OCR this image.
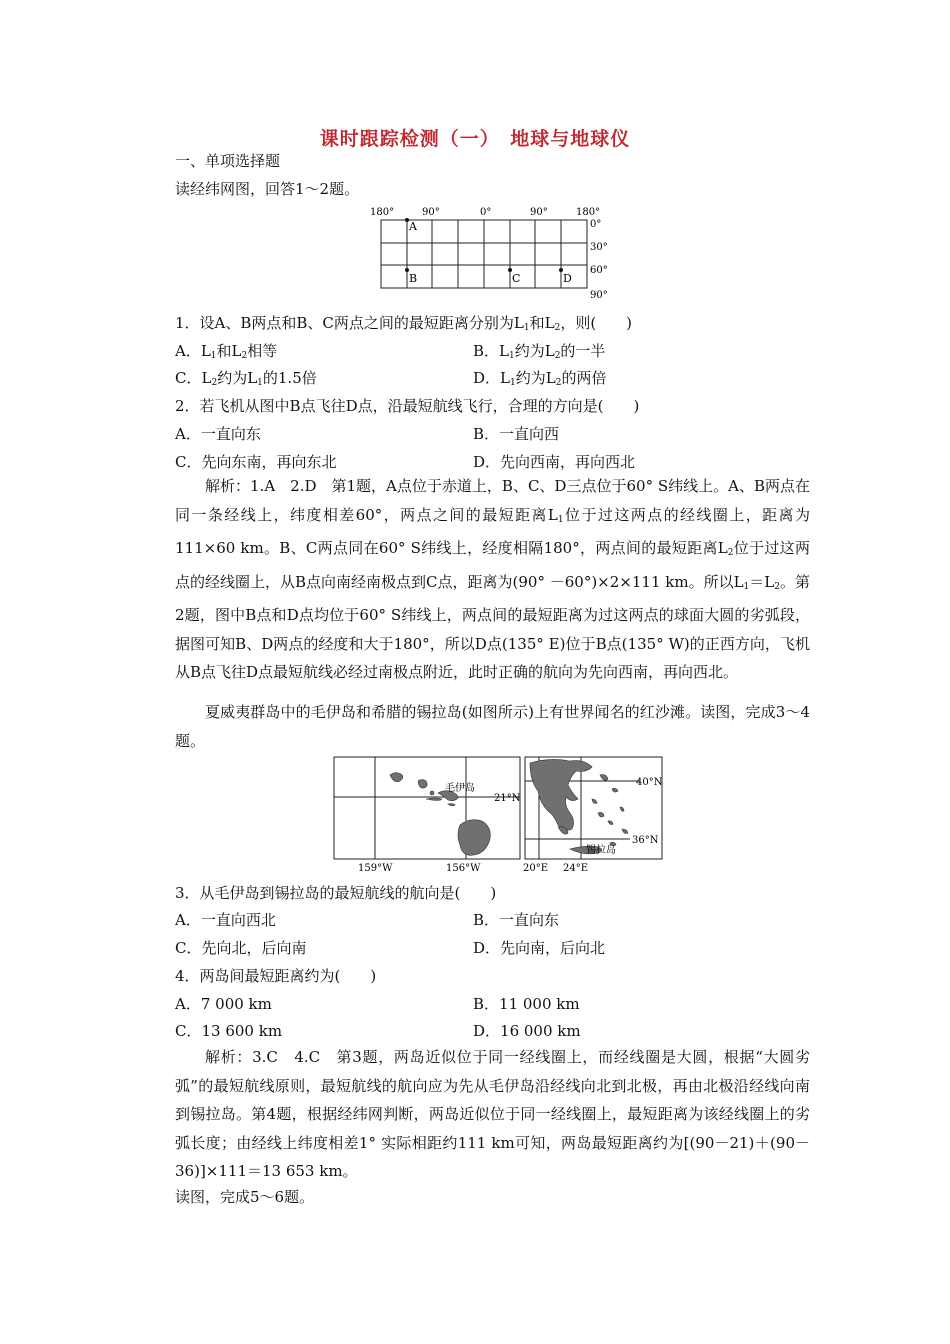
课时跟踪检测（一）　地球与地球仪
一、单项选择题
读经纬网图，回答1～2题。
180°	90°	0°	90°	180°
0°
30°
60°
90°
A
B	C	D
1．设A、B两点和B、C两点之间的最短距离分别为$L_1$和$L_2$，则(　　)
A．$L_1$和$L_2$相等	B．$L_1$约为$L_2$的一半
C．$L_2$约为$L_1$的1.5倍	D．$L_1$约为$L_2$的两倍
2．若飞机从图中B点飞往D点，沿最短航线飞行，合理的方向是(　　)
A．一直向东	B．一直向西
C．先向东南，再向东北	D．先向西南，再向西北
解析：1.A　2.D　第1题，A点位于赤道上，B、C、D三点位于60° S纬线上。A、B两点在同一条经线上，纬度相差60°，两点之间的最短距离$L_1$位于过这两点的经线圈上，距离为111×60 km。B、C两点同在60° S纬线上，经度相隔180°，两点间的最短距离$L_2$位于过这两点的经线圈上，从B点向南经南极点到C点，距离为(90° －60°)×2×111 km。所以$L_1=L_2$。第2题，图中B点和D点均位于60° S纬线上，两点间的最短距离为过这两点的球面大圆的劣弧段，据图可知B、D两点的经度和大于180°，所以D点(135° E)位于B点(135° W)的正西方向，飞机从B点飞往D点最短航线必经过南极点附近，此时正确的航向为先向西南，再向西北。
夏威夷群岛中的毛伊岛和希腊的锡拉岛(如图所示)上有世界闻名的红沙滩。读图，完成3～4题。
毛伊岛
21°N
159°W	156°W
40°N
36°N
锡拉岛
20°E 24°E
3．从毛伊岛到锡拉岛的最短航线的航向是(　　)
A．一直向西北	B．一直向东
C．先向北，后向南	D．先向南，后向北
4．两岛间最短距离约为(　　)
A．7 000 km	B．11 000 km
C．13 600 km	D．16 000 km
解析：3.C　4.C　第3题，两岛近似位于同一经线圈上，而经线圈是大圆，根据“大圆劣弧”的最短航线原则，最短航线的航向应为先从毛伊岛沿经线向北到北极，再由北极沿经线向南到锡拉岛。第4题，根据经纬网判断，两岛近似位于同一经线圈上，最短距离为该经线圈上的劣弧长度；由经线上纬度相差1° 实际相距约111 km可知，两岛最短距离约为[(90－21)＋(90－36)]×111＝13 653 km。
读图，完成5～6题。
